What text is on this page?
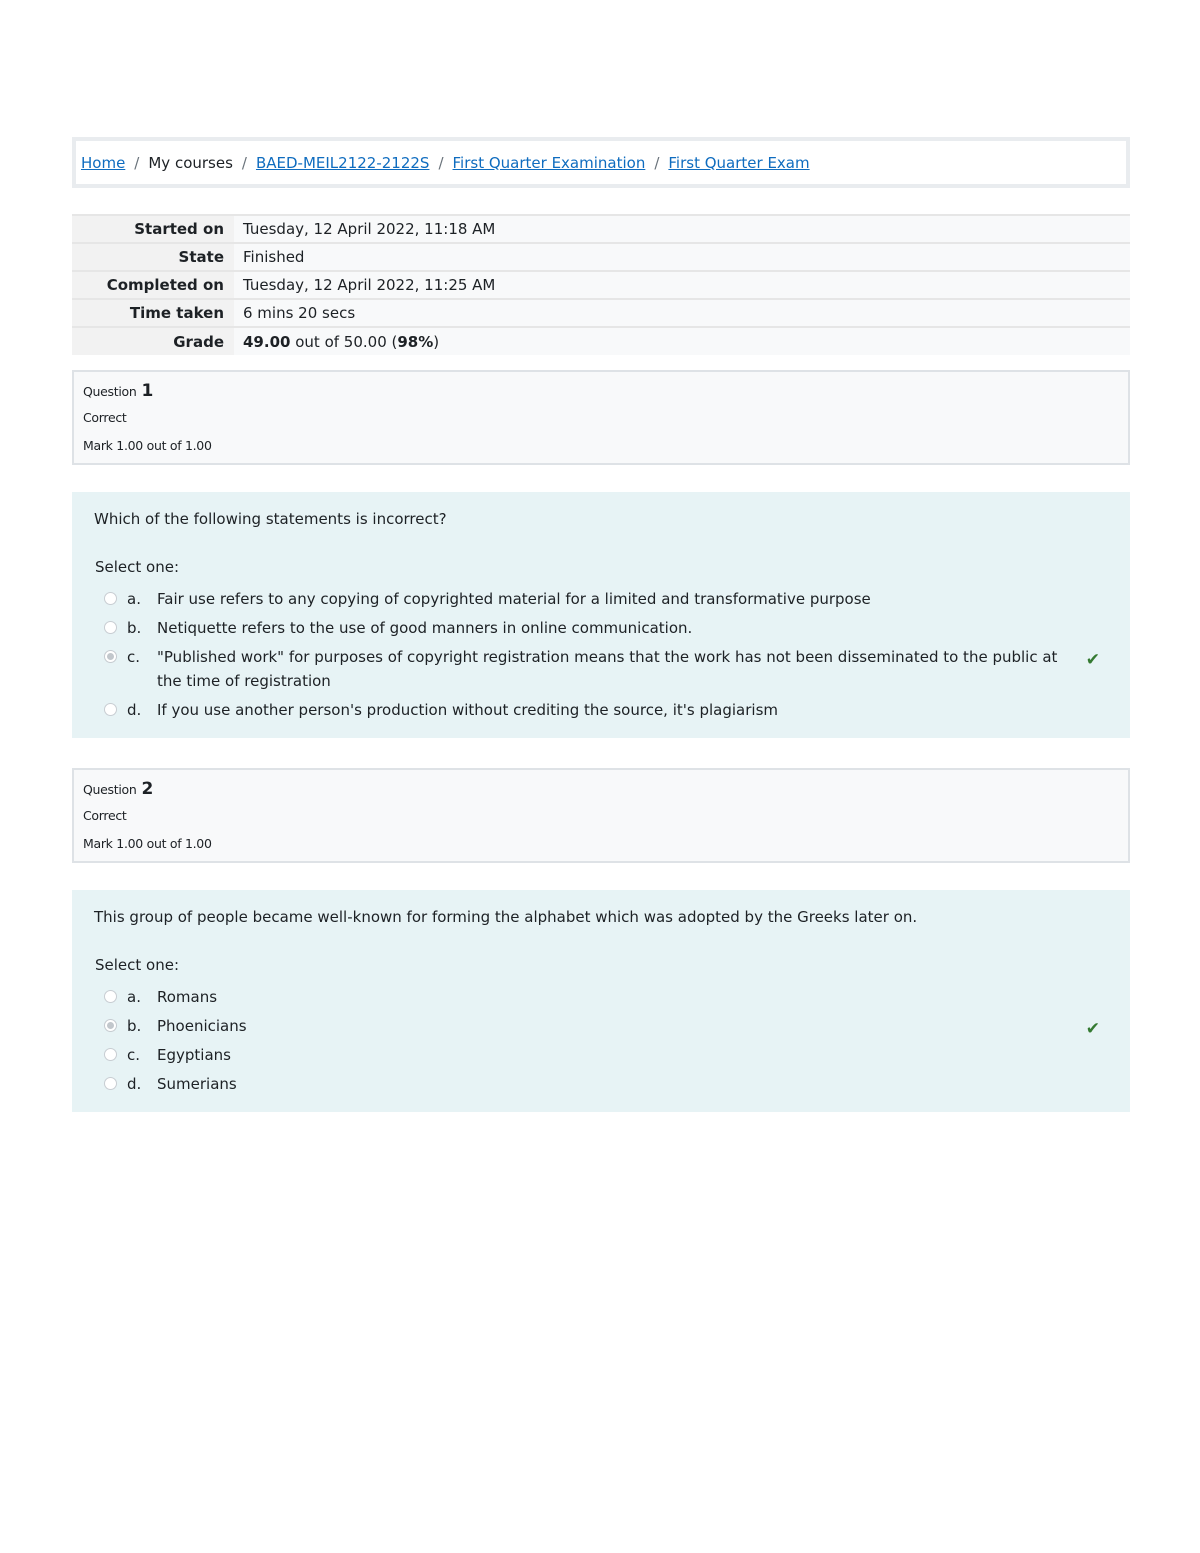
Home / My courses / BAED-MEIL2122-2122S / First Quarter Examination / First Quarter Exam
Started on	Tuesday, 12 April 2022, 11:18 AM
State	Finished
Completed on	Tuesday, 12 April 2022, 11:25 AM
Time taken	6 mins 20 secs
Grade	49.00 out of 50.00 (98%)
Question 1
Correct
Mark 1.00 out of 1.00
Which of the following statements is incorrect?
Select one:
a.	Fair use refers to any copying of copyrighted material for a limited and transformative purpose
b.	Netiquette refers to the use of good manners in online communication.
c.	"Published work" for purposes of copyright registration means that the work has not been disseminated to the public at the time of registration
✔
d.	If you use another person's production without crediting the source, it's plagiarism
Question 2
Correct
Mark 1.00 out of 1.00
This group of people became well-known for forming the alphabet which was adopted by the Greeks later on.
Select one:
a.	Romans
b.	Phoenicians	✔
c.	Egyptians
d.	Sumerians
